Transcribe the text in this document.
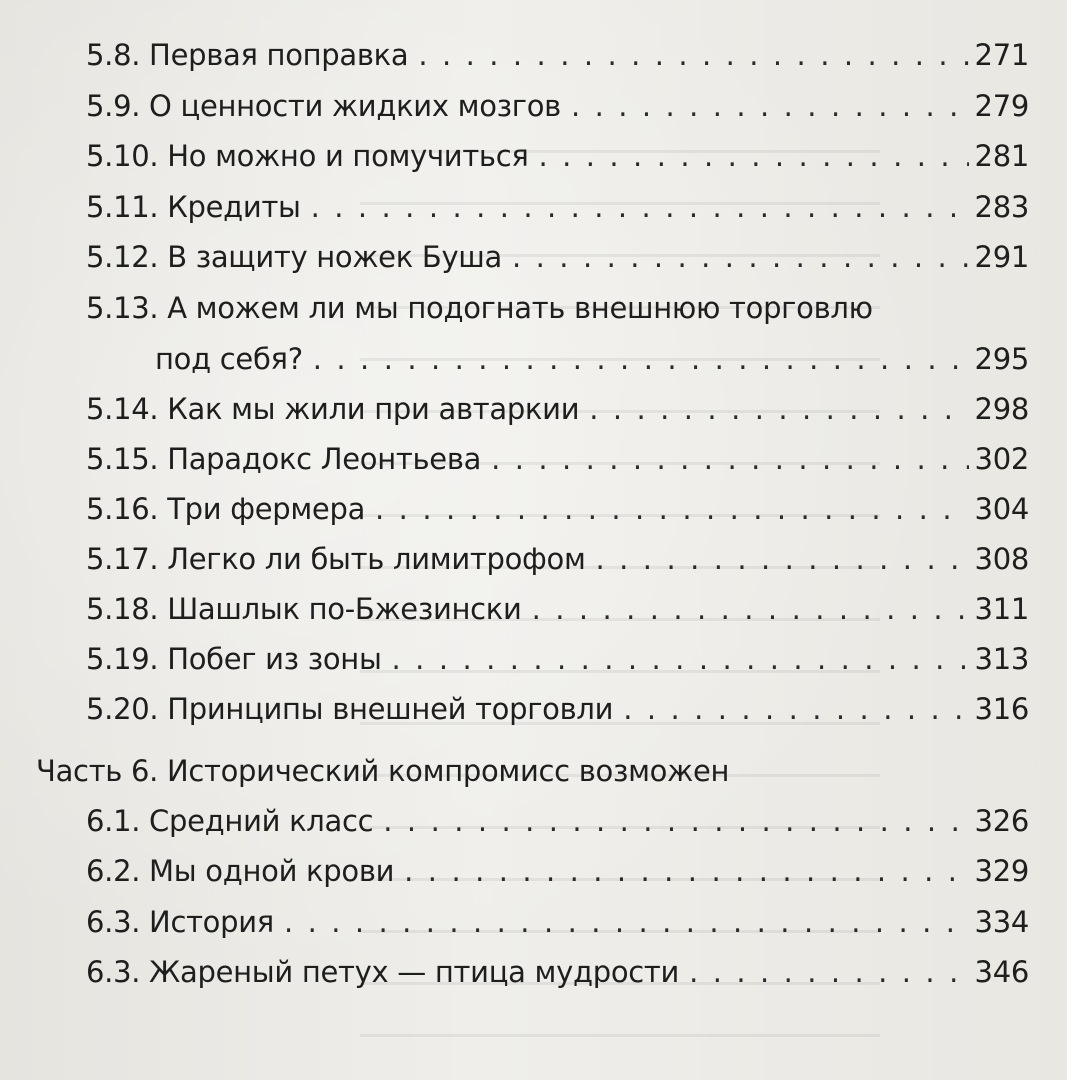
5.8. Первая поправка . . .	271
5.9. О ценности жидких мозгов . . .	279
5.10. Но можно и помучиться . . .	281
5.11. Кредиты . . .	283
5.12. В защиту ножек Буша . . .	291
5.13. А можем ли мы подогнать внешнюю торговлю
под себя? . . .	295
5.14. Как мы жили при автаркии . . .	298
5.15. Парадокс Леонтьева . . .	302
5.16. Три фермера . . .	304
5.17. Легко ли быть лимитрофом . . .	308
5.18. Шашлык по-Бжезински . . .	311
5.19. Побег из зоны . . .	313
5.20. Принципы внешней торговли . . .	316
Часть 6. Исторический компромисс возможен
6.1. Средний класс . . .	326
6.2. Мы одной крови . . .	329
6.3. История . . .	334
6.3. Жареный петух — птица мудрости . . .	346
